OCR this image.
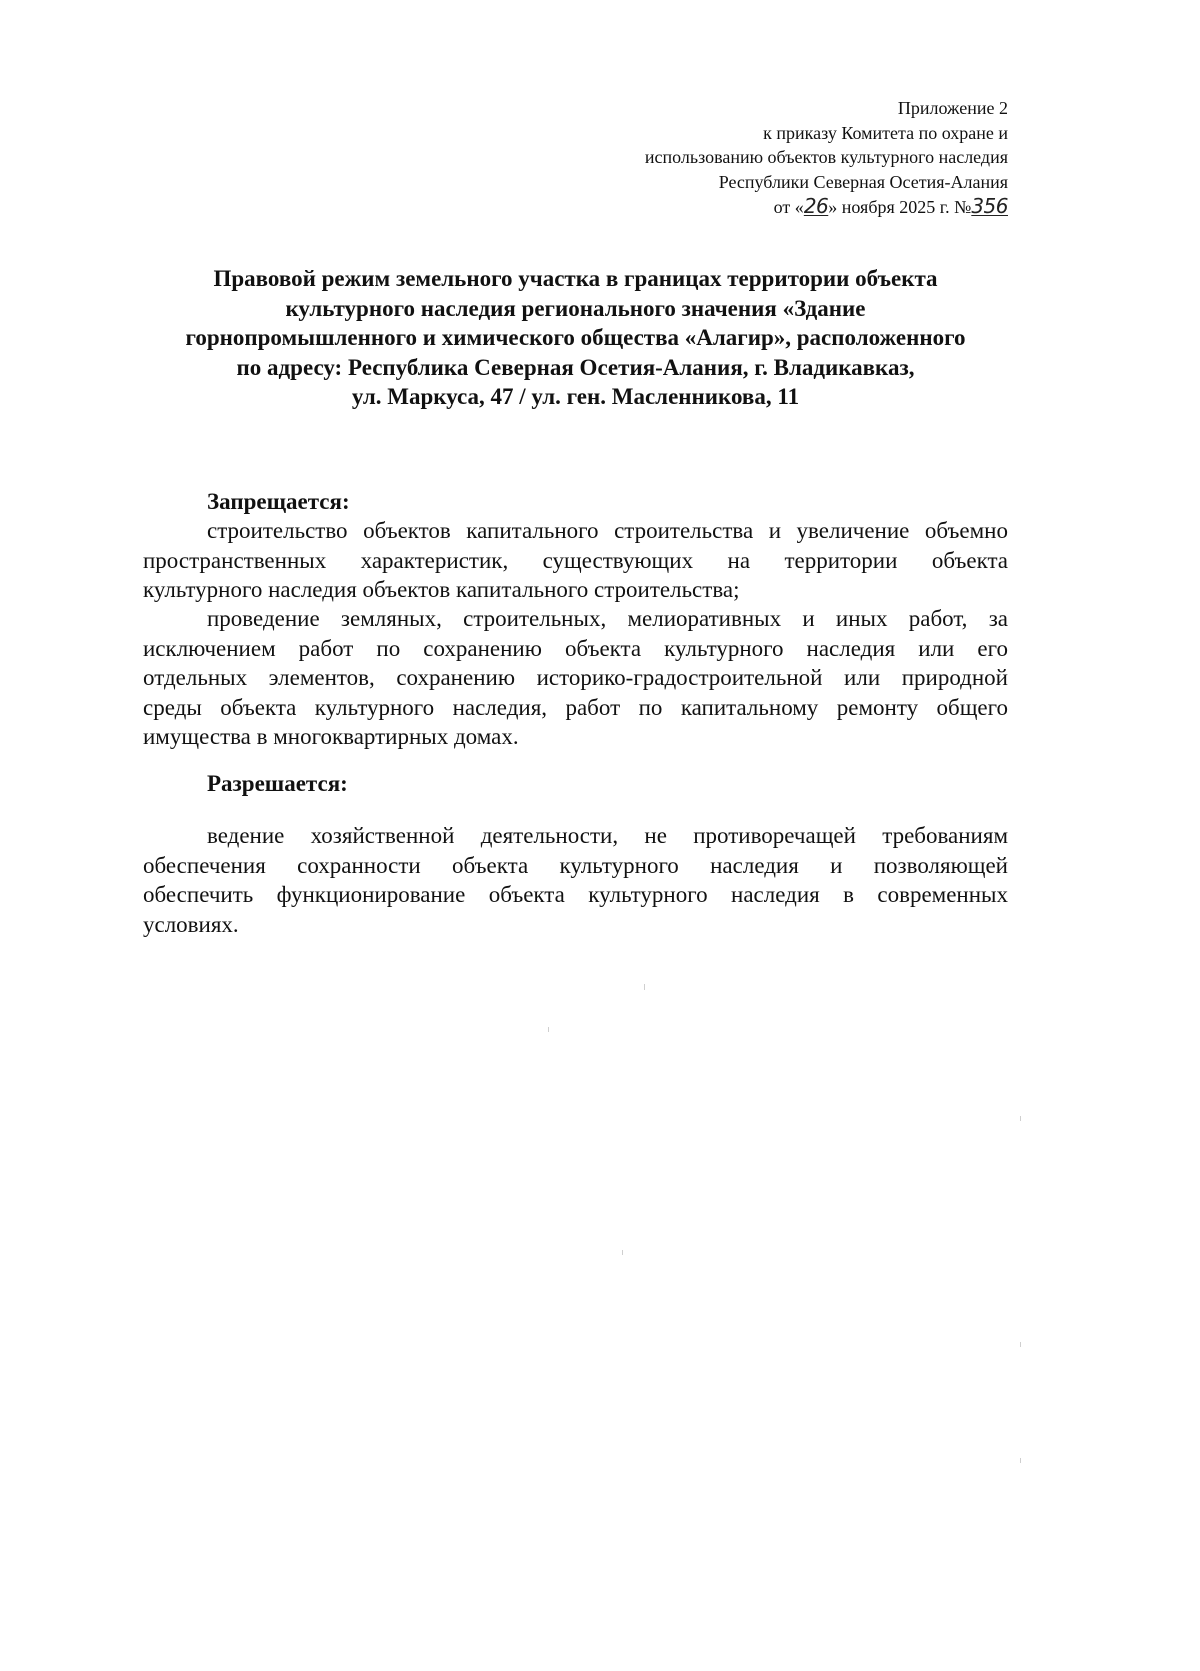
Приложение 2
к приказу Комитета по охране и
использованию объектов культурного наследия
Республики Северная Осетия-Алания
от «26» ноября 2025 г. №356
Правовой режим земельного участка в границах территории объекта
культурного наследия регионального значения «Здание
горнопромышленного и химического общества «Алагир», расположенного
по адресу: Республика Северная Осетия-Алания, г. Владикавказ,
ул. Маркуса, 47 / ул. ген. Масленникова, 11
Запрещается:
строительство объектов капитального строительства и увеличение объемно
пространственных характеристик, существующих на территории объекта
культурного наследия объектов капитального строительства;
проведение земляных, строительных, мелиоративных и иных работ, за
исключением работ по сохранению объекта культурного наследия или его
отдельных элементов, сохранению историко-градостроительной или природной
среды объекта культурного наследия, работ по капитальному ремонту общего
имущества в многоквартирных домах.
Разрешается:
ведение хозяйственной деятельности, не противоречащей требованиям
обеспечения сохранности объекта культурного наследия и позволяющей
обеспечить функционирование объекта культурного наследия в современных
условиях.
